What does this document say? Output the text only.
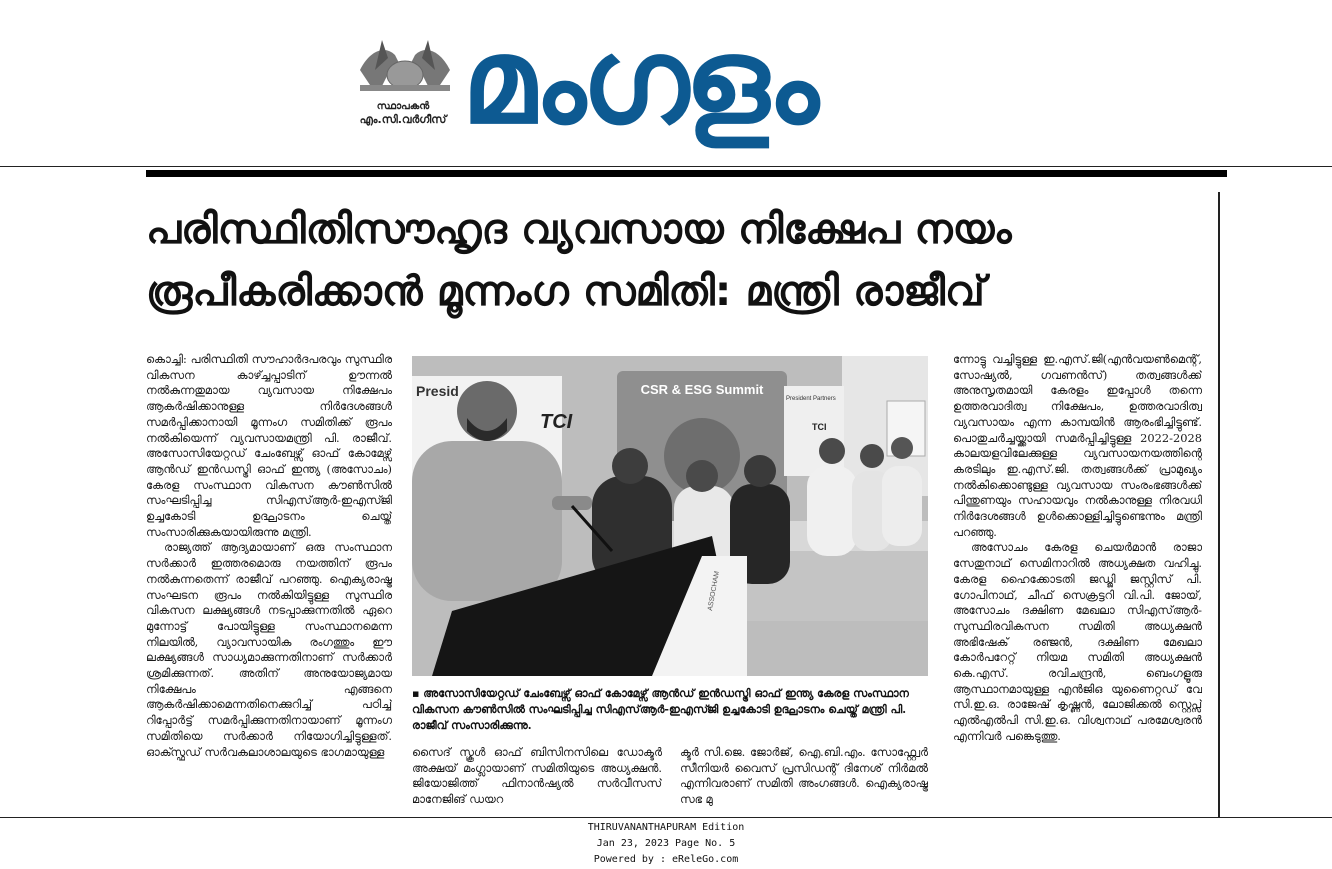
സ്ഥാപകൻ
എം.സി.വർഗീസ് മംഗളം
പരിസ്ഥിതിസൗഹൃദ വ്യവസായ നിക്ഷേപ നയം
രൂപീകരിക്കാൻ മൂന്നംഗ സമിതി: മന്ത്രി രാജീവ്

കൊച്ചി: പരിസ്ഥിതി സൗഹാർദപരവും സുസ്ഥിര വികസന കാഴ്ച്ചപ്പാടിന് ഊന്നൽ നൽകുന്നതുമായ വ്യവസായ നിക്ഷേപം ആകർഷിക്കാനുള്ള നിർദേശങ്ങൾ സമർപ്പിക്കാനായി മൂന്നംഗ സമിതിക്ക് രൂപം നൽകിയെന്ന് വ്യവസായമന്ത്രി പി. രാജീവ്. അസോസിയേറ്റഡ് ചേംബേഴ്സ് ഓഫ് കോമേഴ്സ് ആൻഡ് ഇൻഡസ്ട്രി ഓഫ് ഇന്ത്യ (അസോചം) കേരള സംസ്ഥാന വികസന കൗൺസിൽ സംഘടിപ്പിച്ച സിഎസ്ആർ-ഇഎസ്ജി ഉച്ചകോടി ഉദ്ഘാടനം ചെയ്ത് സംസാരിക്കുകയായിരുന്നു മന്ത്രി.

രാജ്യത്ത് ആദ്യമായാണ് ഒരു സംസ്ഥാന സർക്കാർ ഇത്തരമൊരു നയത്തിന് രൂപം നൽകുന്നതെന്ന് രാജീവ് പറഞ്ഞു. ഐക്യരാഷ്ട്ര സംഘടന രൂപം നൽകിയിട്ടുള്ള സുസ്ഥിര വികസന ലക്ഷ്യങ്ങൾ നടപ്പാക്കുന്നതിൽ ഏറെ മുന്നോട്ട് പോയിട്ടുള്ള സംസ്ഥാനമെന്ന നിലയിൽ, വ്യാവസായിക രംഗത്തും ഈ ലക്ഷ്യങ്ങൾ സാധ്യമാക്കുന്നതിനാണ് സർക്കാർ ശ്രമിക്കുന്നത്. അതിന് അനുയോജ്യമായ നിക്ഷേപം എങ്ങനെ ആകർഷിക്കാമെന്നതിനെക്കുറിച്ച് പഠിച്ച് റിപ്പോർട്ട് സമർപ്പിക്കുന്നതിനായാണ് മൂന്നംഗ സമിതിയെ സർക്കാർ നിയോഗിച്ചിട്ടുള്ളത്. ഓക്സ്ഫഡ് സർവകലാശാലയുടെ ഭാഗമായുള്ള

Presid
TCI
CSR & ESG Summit
President Partners
TCI
ASSOCHAM
▪ അസോസിയേറ്റഡ് ചേംബേഴ്സ് ഓഫ് കോമേഴ്സ് ആൻഡ് ഇൻഡസ്ട്രി ഓഫ് ഇന്ത്യ കേരള സംസ്ഥാന വികസന കൗൺസിൽ സംഘടിപ്പിച്ച സിഎസ്ആർ-ഇഎസ്ജി ഉച്ചകോടി ഉദ്ഘാടനം ചെയ്ത് മന്ത്രി പി. രാജീവ് സംസാരിക്കുന്നു.

സൈദ് സ്കൂൾ ഓഫ് ബിസിനസിലെ ഡോക്ടർ അക്ഷയ് മംഗ്ലായാണ് സമിതിയുടെ അധ്യക്ഷൻ. ജിയോജിത്ത് ഫിനാൻഷ്യൽ സർവീസസ് മാനേജിങ് ഡയറ

ക്ടർ സി.ജെ. ജോർജ്, ഐ.ബി.എം. സോഫ്റ്റ്വേർ സീനിയർ വൈസ് പ്രസിഡന്റ് ദിനേശ് നിർമൽ എന്നിവരാണ് സമിതി അംഗങ്ങൾ. ഐക്യരാഷ്ട്ര സഭ മു

ന്നോട്ടു വച്ചിട്ടുള്ള ഇ.എസ്.ജി(എൻവയൺമെന്റ്, സോഷ്യൽ, ഗവണൻസ്) തത്വങ്ങൾക്ക് അനുസൃതമായി കേരളം ഇപ്പോൾ തന്നെ ഉത്തരവാദിത്വ നിക്ഷേപം, ഉത്തരവാദിത്വ വ്യവസായം എന്ന കാമ്പയിൻ ആരംഭിച്ചിട്ടുണ്ട്. പൊതുചർച്ചയ്ക്കായി സമർപ്പിച്ചിട്ടുള്ള 2022-2028 കാലയളവിലേക്കുള്ള വ്യവസായനയത്തിന്റെ കരടിലും ഇ.എസ്.ജി. തത്വങ്ങൾക്ക് പ്രാമുഖ്യം നൽകിക്കൊണ്ടുള്ള വ്യവസായ സംരംഭങ്ങൾക്ക് പിന്തുണയും സഹായവും നൽകാനുള്ള നിരവധി നിർദേശങ്ങൾ ഉൾക്കൊള്ളിച്ചിട്ടുണ്ടെന്നും മന്ത്രി പറഞ്ഞു.

അസോചം കേരള ചെയർമാൻ രാജാ സേതുനാഥ് സെമിനാറിൽ അധ്യക്ഷത വഹിച്ചു. കേരള ഹൈക്കോടതി ജഡ്ജി ജസ്റ്റിസ് പി. ഗോപിനാഥ്, ചീഫ് സെക്രട്ടറി വി.പി. ജോയ്, അസോചം ദക്ഷിണ മേഖലാ സിഎസ്ആർ-സുസ്ഥിരവികസന സമിതി അധ്യക്ഷൻ അഭിഷേക് രഞ്ജൻ, ദക്ഷിണ മേഖലാ കോർപറേറ്റ് നിയമ സമിതി അധ്യക്ഷൻ കെ.എസ്. രവിചന്ദ്രൻ, ബെംഗളൂരു ആസ്ഥാനമായുള്ള എൻജിഒ യുണൈറ്റഡ് വേ സി.ഇ.ഒ. രാജേഷ് കൃഷ്ണൻ, ലോജിക്കൽ സ്റ്റെപ്സ് എൽഎൽപി സി.ഇ.ഒ. വിശ്വനാഥ് പരമേശ്വരൻ എന്നിവർ പങ്കെടുത്തു.

THIRUVANANTHAPURAM Edition
Jan 23, 2023 Page No. 5
Powered by : eReleGo.com
